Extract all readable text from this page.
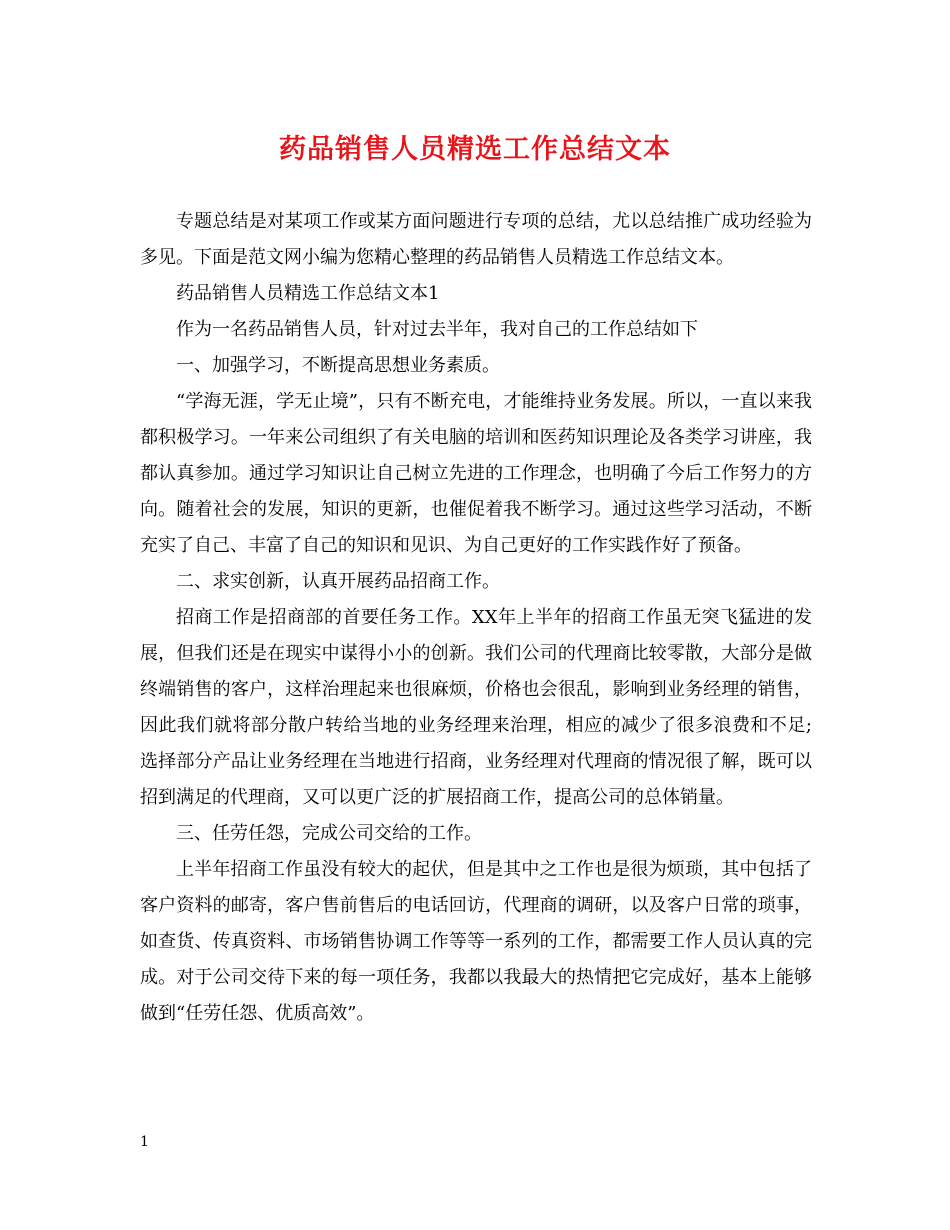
药品销售人员精选工作总结文本

专题总结是对某项工作或某方面问题进行专项的总结，尤以总结推广成功经验为多见。下面是范文网小编为您精心整理的药品销售人员精选工作总结文本。

药品销售人员精选工作总结文本1

作为一名药品销售人员，针对过去半年，我对自己的工作总结如下

一、加强学习，不断提高思想业务素质。

“学海无涯，学无止境”，只有不断充电，才能维持业务发展。所以，一直以来我都积极学习。一年来公司组织了有关电脑的培训和医药知识理论及各类学习讲座，我都认真参加。通过学习知识让自己树立先进的工作理念，也明确了今后工作努力的方向。随着社会的发展，知识的更新，也催促着我不断学习。通过这些学习活动，不断充实了自己、丰富了自己的知识和见识、为自己更好的工作实践作好了预备。

二、求实创新，认真开展药品招商工作。

招商工作是招商部的首要任务工作。XX年上半年的招商工作虽无突飞猛进的发展，但我们还是在现实中谋得小小的创新。我们公司的代理商比较零散，大部分是做终端销售的客户，这样治理起来也很麻烦，价格也会很乱，影响到业务经理的销售，因此我们就将部分散户转给当地的业务经理来治理，相应的减少了很多浪费和不足;选择部分产品让业务经理在当地进行招商，业务经理对代理商的情况很了解，既可以招到满足的代理商，又可以更广泛的扩展招商工作，提高公司的总体销量。

三、任劳任怨，完成公司交给的工作。

上半年招商工作虽没有较大的起伏，但是其中之工作也是很为烦琐，其中包括了客户资料的邮寄，客户售前售后的电话回访，代理商的调研，以及客户日常的琐事，如查货、传真资料、市场销售协调工作等等一系列的工作，都需要工作人员认真的完成。对于公司交待下来的每一项任务，我都以我最大的热情把它完成好，基本上能够做到“任劳任怨、优质高效”。

1
